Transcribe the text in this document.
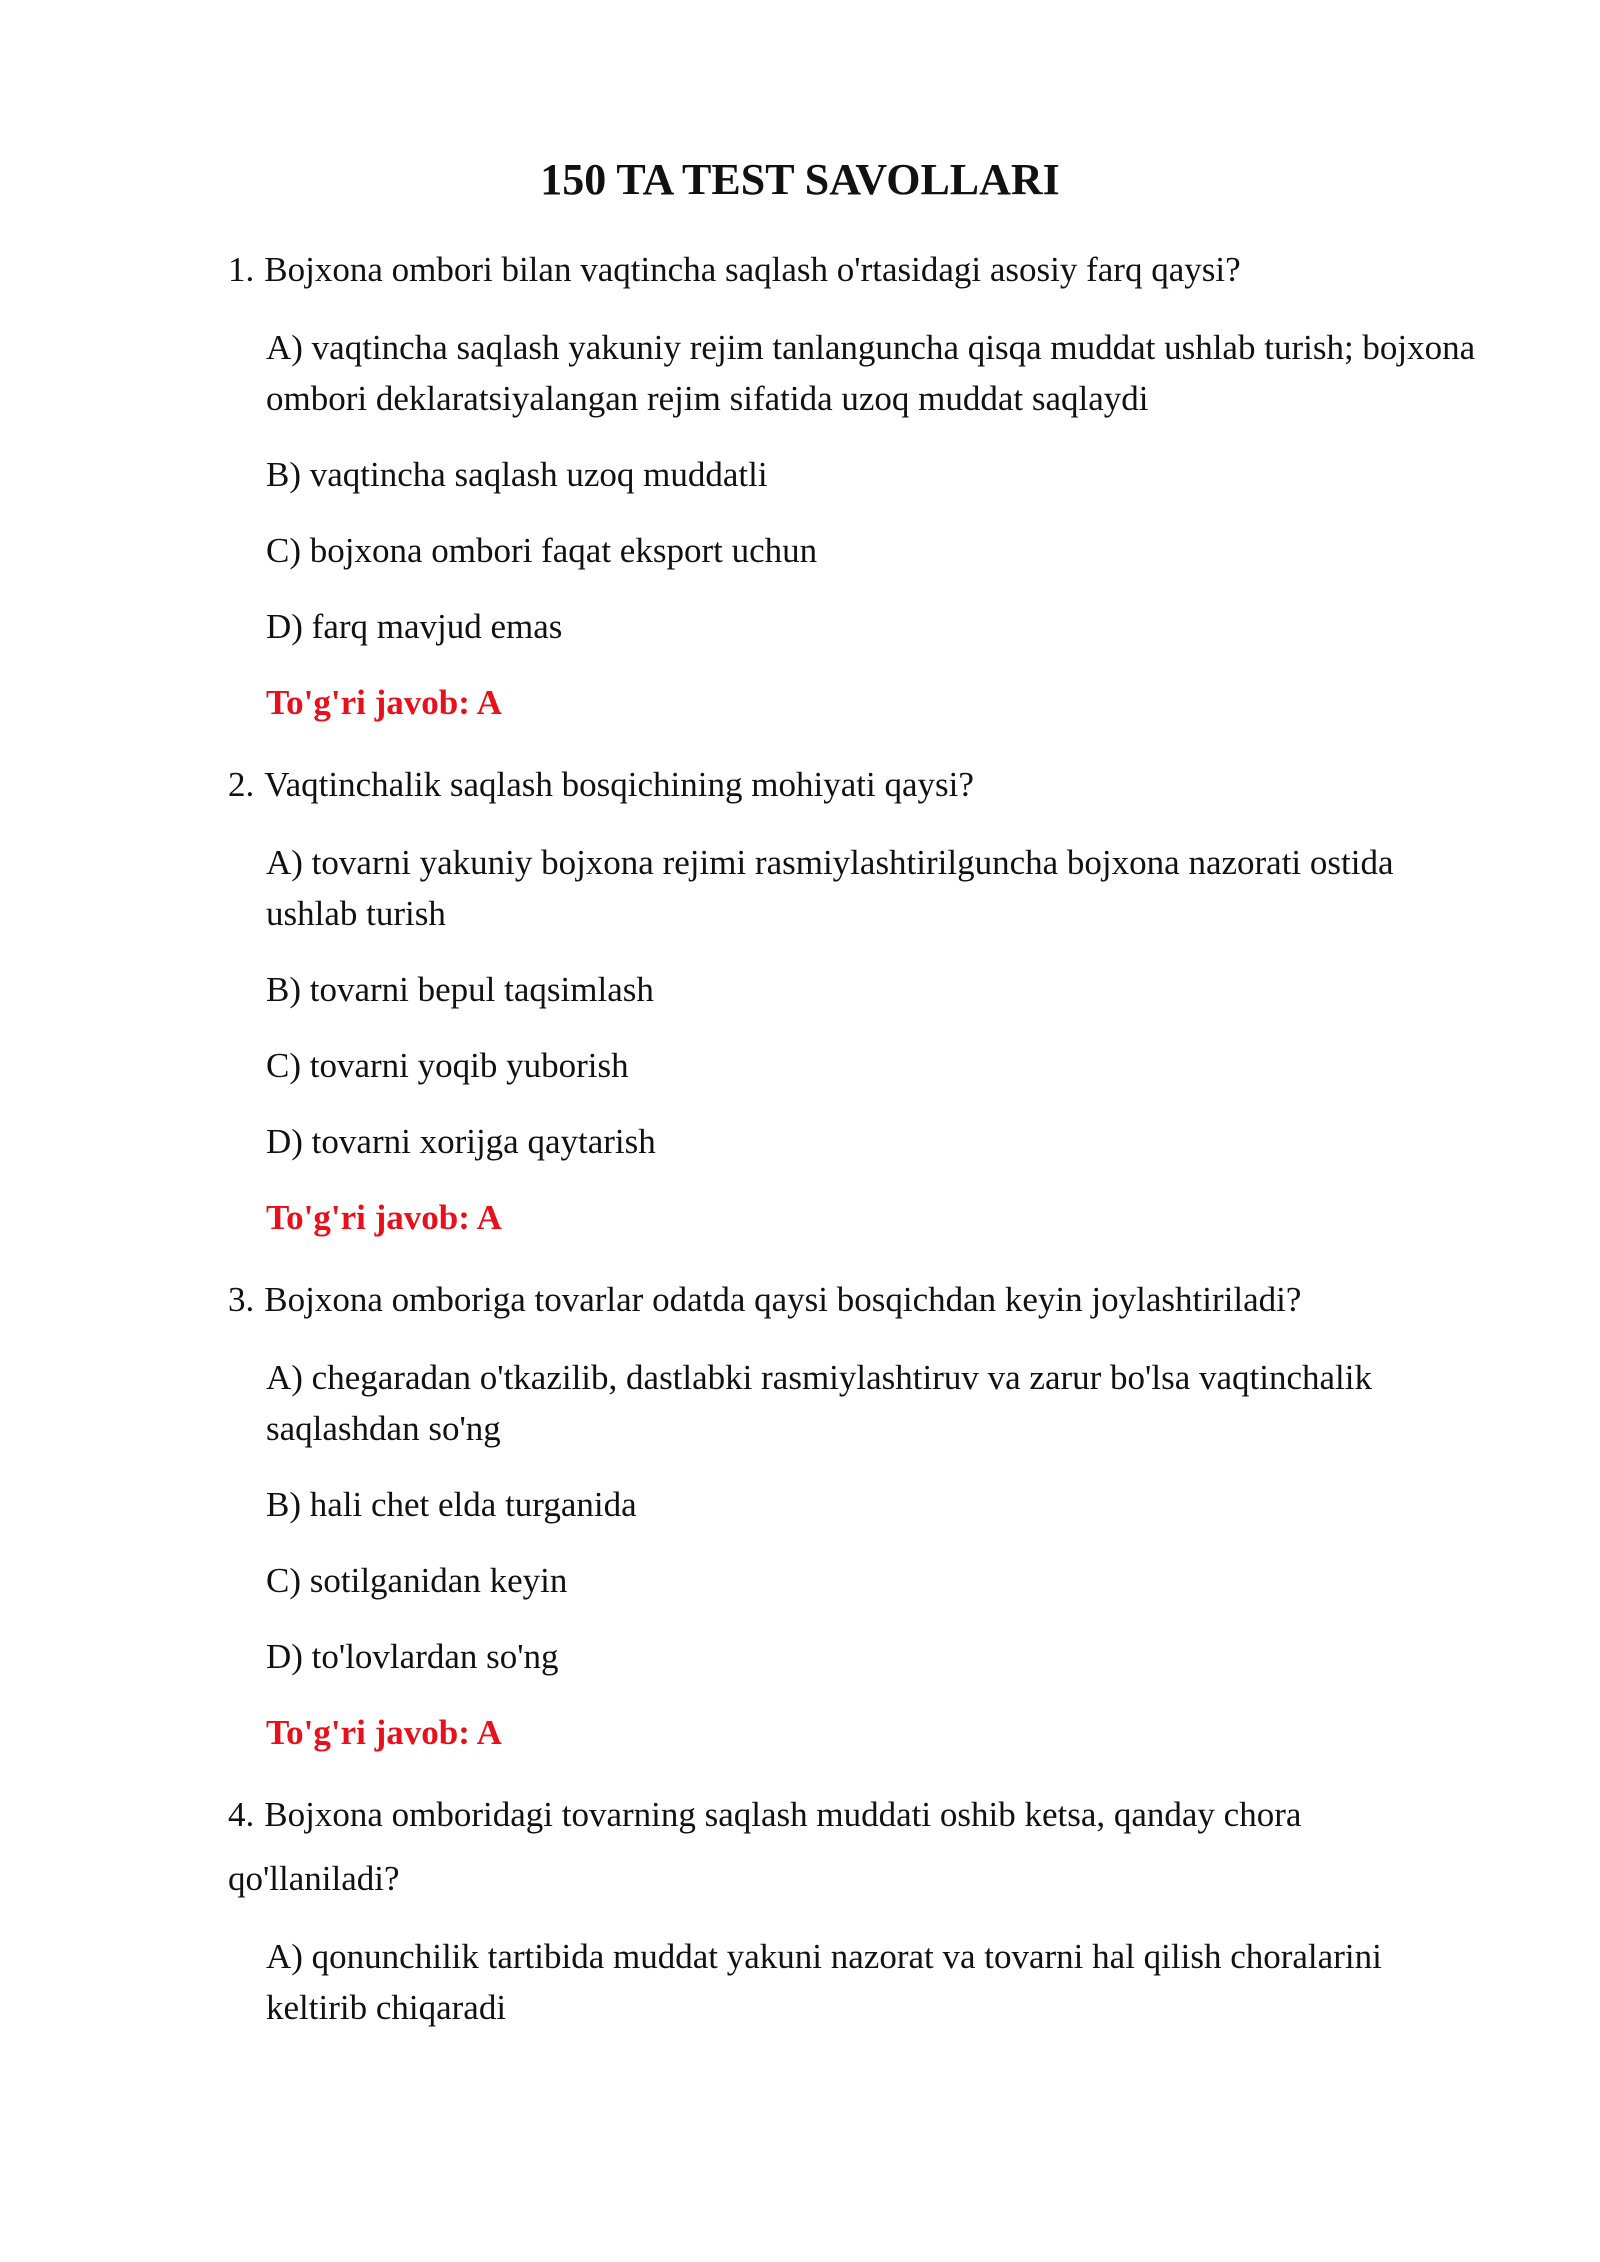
150 TA TEST SAVOLLARI

1. Bojxona ombori bilan vaqtincha saqlash o'rtasidagi asosiy farq qaysi?

A) vaqtincha saqlash yakuniy rejim tanlanguncha qisqa muddat ushlab turish; bojxona ombori deklaratsiyalangan rejim sifatida uzoq muddat saqlaydi

B) vaqtincha saqlash uzoq muddatli

C) bojxona ombori faqat eksport uchun

D) farq mavjud emas

To'g'ri javob: A

2. Vaqtinchalik saqlash bosqichining mohiyati qaysi?

A) tovarni yakuniy bojxona rejimi rasmiylashtirilguncha bojxona nazorati ostida ushlab turish

B) tovarni bepul taqsimlash

C) tovarni yoqib yuborish

D) tovarni xorijga qaytarish

To'g'ri javob: A

3. Bojxona omboriga tovarlar odatda qaysi bosqichdan keyin joylashtiriladi?

A) chegaradan o'tkazilib, dastlabki rasmiylashtiruv va zarur bo'lsa vaqtinchalik saqlashdan so'ng

B) hali chet elda turganida

C) sotilganidan keyin

D) to'lovlardan so'ng

To'g'ri javob: A

4. Bojxona omboridagi tovarning saqlash muddati oshib ketsa, qanday chora qo'llaniladi?

A) qonunchilik tartibida muddat yakuni nazorat va tovarni hal qilish choralarini keltirib chiqaradi
